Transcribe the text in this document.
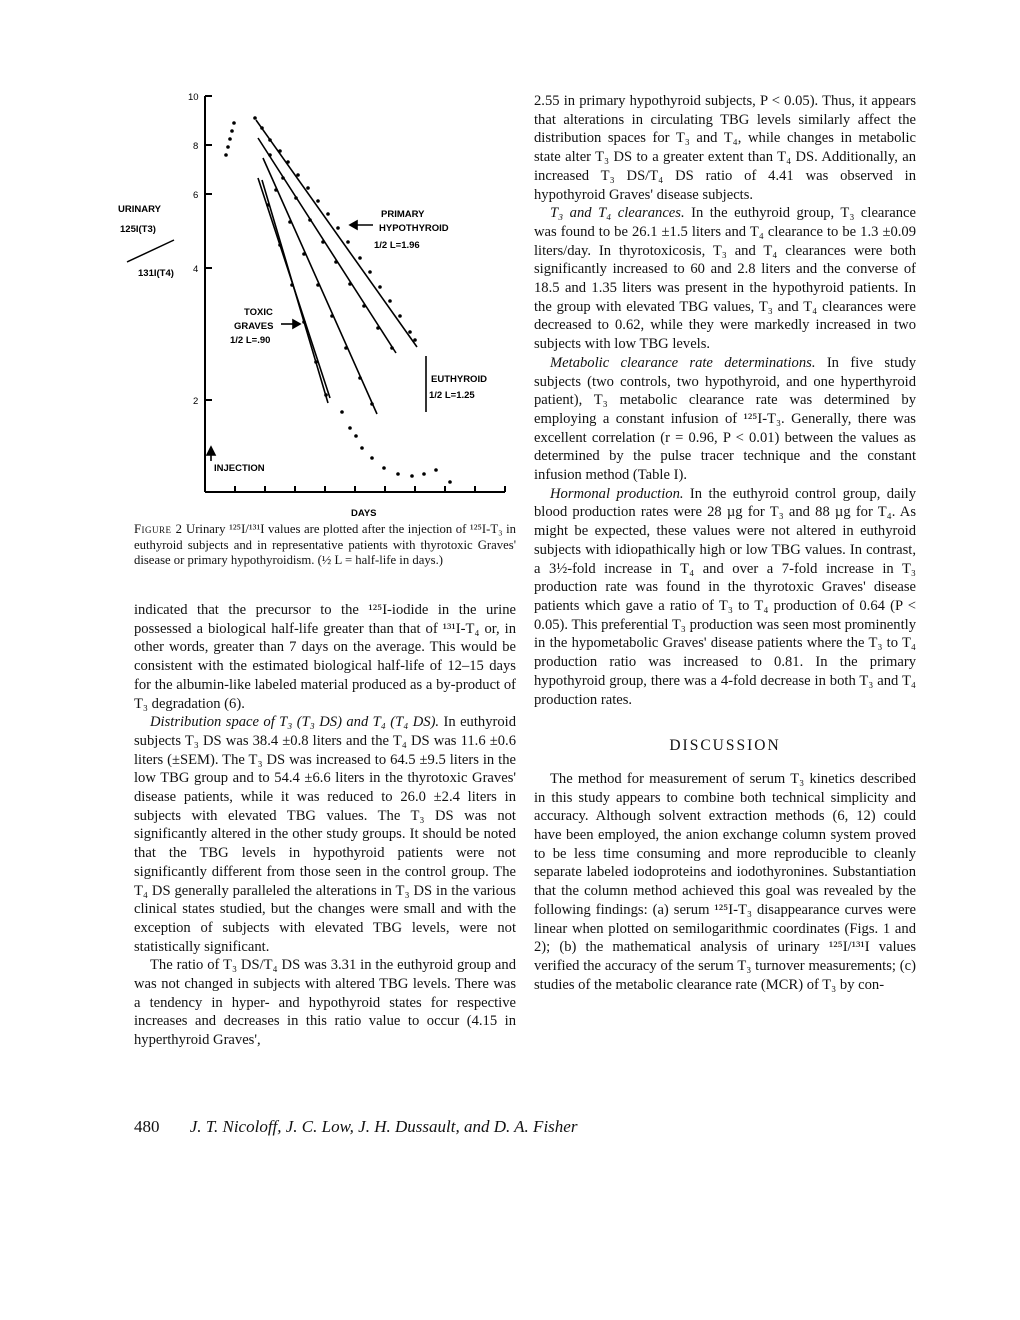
10
8
6
4
2
URINARY
125I(T3)
131I(T4)
PRIMARY
HYPOTHYROID
1/2 L=1.96
TOXIC
GRAVES
1/2 L=.90
EUTHYROID
1/2 L=1.25
INJECTION
DAYS
Figure 2 Urinary ¹²⁵I/¹³¹I values are plotted after the injection of ¹²⁵I-T₃ in euthyroid subjects and in representative patients with thyrotoxic Graves' disease or primary hypothyroidism. (½ L = half-life in days.)

indicated that the precursor to the ¹²⁵I-iodide in the urine possessed a biological half-life greater than that of ¹³¹I-T₄ or, in other words, greater than 7 days on the average. This would be consistent with the estimated biological half-life of 12–15 days for the albumin-like labeled material produced as a by-product of T₃ degradation (6).

Distribution space of T₃ (T₃ DS) and T₄ (T₄ DS). In euthyroid subjects T₃ DS was 38.4 ±0.8 liters and the T₄ DS was 11.6 ±0.6 liters (±SEM). The T₃ DS was increased to 64.5 ±9.5 liters in the low TBG group and to 54.4 ±6.6 liters in the thyrotoxic Graves' disease patients, while it was reduced to 26.0 ±2.4 liters in subjects with elevated TBG values. The T₃ DS was not significantly altered in the other study groups. It should be noted that the TBG levels in hypothyroid patients were not significantly different from those seen in the control group. The T₄ DS generally paralleled the alterations in T₃ DS in the various clinical states studied, but the changes were small and with the exception of subjects with elevated TBG levels, were not statistically significant.

The ratio of T₃ DS/T₄ DS was 3.31 in the euthyroid group and was not changed in subjects with altered TBG levels. There was a tendency in hyper- and hypothyroid states for respective increases and decreases in this ratio value to occur (4.15 in hyperthyroid Graves',

2.55 in primary hypothyroid subjects, P < 0.05). Thus, it appears that alterations in circulating TBG levels similarly affect the distribution spaces for T₃ and T₄, while changes in metabolic state alter T₃ DS to a greater extent than T₄ DS. Additionally, an increased T₃ DS/T₄ DS ratio of 4.41 was observed in hypothyroid Graves' disease subjects.

T₃ and T₄ clearances. In the euthyroid group, T₃ clearance was found to be 26.1 ±1.5 liters and T₄ clearance to be 1.3 ±0.09 liters/day. In thyrotoxicosis, T₃ and T₄ clearances were both significantly increased to 60 and 2.8 liters and the converse of 18.5 and 1.35 liters was present in the hypothyroid patients. In the group with elevated TBG values, T₃ and T₄ clearances were decreased to 0.62, while they were markedly increased in two subjects with low TBG levels.

Metabolic clearance rate determinations. In five study subjects (two controls, two hypothyroid, and one hyperthyroid patient), T₃ metabolic clearance rate was determined by employing a constant infusion of ¹²⁵I-T₃. Generally, there was excellent correlation (r = 0.96, P < 0.01) between the values as determined by the pulse tracer technique and the constant infusion method (Table I).

Hormonal production. In the euthyroid control group, daily blood production rates were 28 µg for T₃ and 88 µg for T₄. As might be expected, these values were not altered in euthyroid subjects with idiopathically high or low TBG values. In contrast, a 3½-fold increase in T₄ and over a 7-fold increase in T₃ production rate was found in the thyrotoxic Graves' disease patients which gave a ratio of T₃ to T₄ production of 0.64 (P < 0.05). This preferential T₃ production was seen most prominently in the hypometabolic Graves' disease patients where the T₃ to T₄ production ratio was increased to 0.81. In the primary hypothyroid group, there was a 4-fold decrease in both T₃ and T₄ production rates.

DISCUSSION

The method for measurement of serum T₃ kinetics described in this study appears to combine both technical simplicity and accuracy. Although solvent extraction methods (6, 12) could have been employed, the anion exchange column system proved to be less time consuming and more reproducible to cleanly separate labeled iodoproteins and iodothyronines. Substantiation that the column method achieved this goal was revealed by the following findings: (a) serum ¹²⁵I-T₃ disappearance curves were linear when plotted on semilogarithmic coordinates (Figs. 1 and 2); (b) the mathematical analysis of urinary ¹²⁵I/¹³¹I values verified the accuracy of the serum T₃ turnover measurements; (c) studies of the metabolic clearance rate (MCR) of T₃ by con-

480 J. T. Nicoloff, J. C. Low, J. H. Dussault, and D. A. Fisher
